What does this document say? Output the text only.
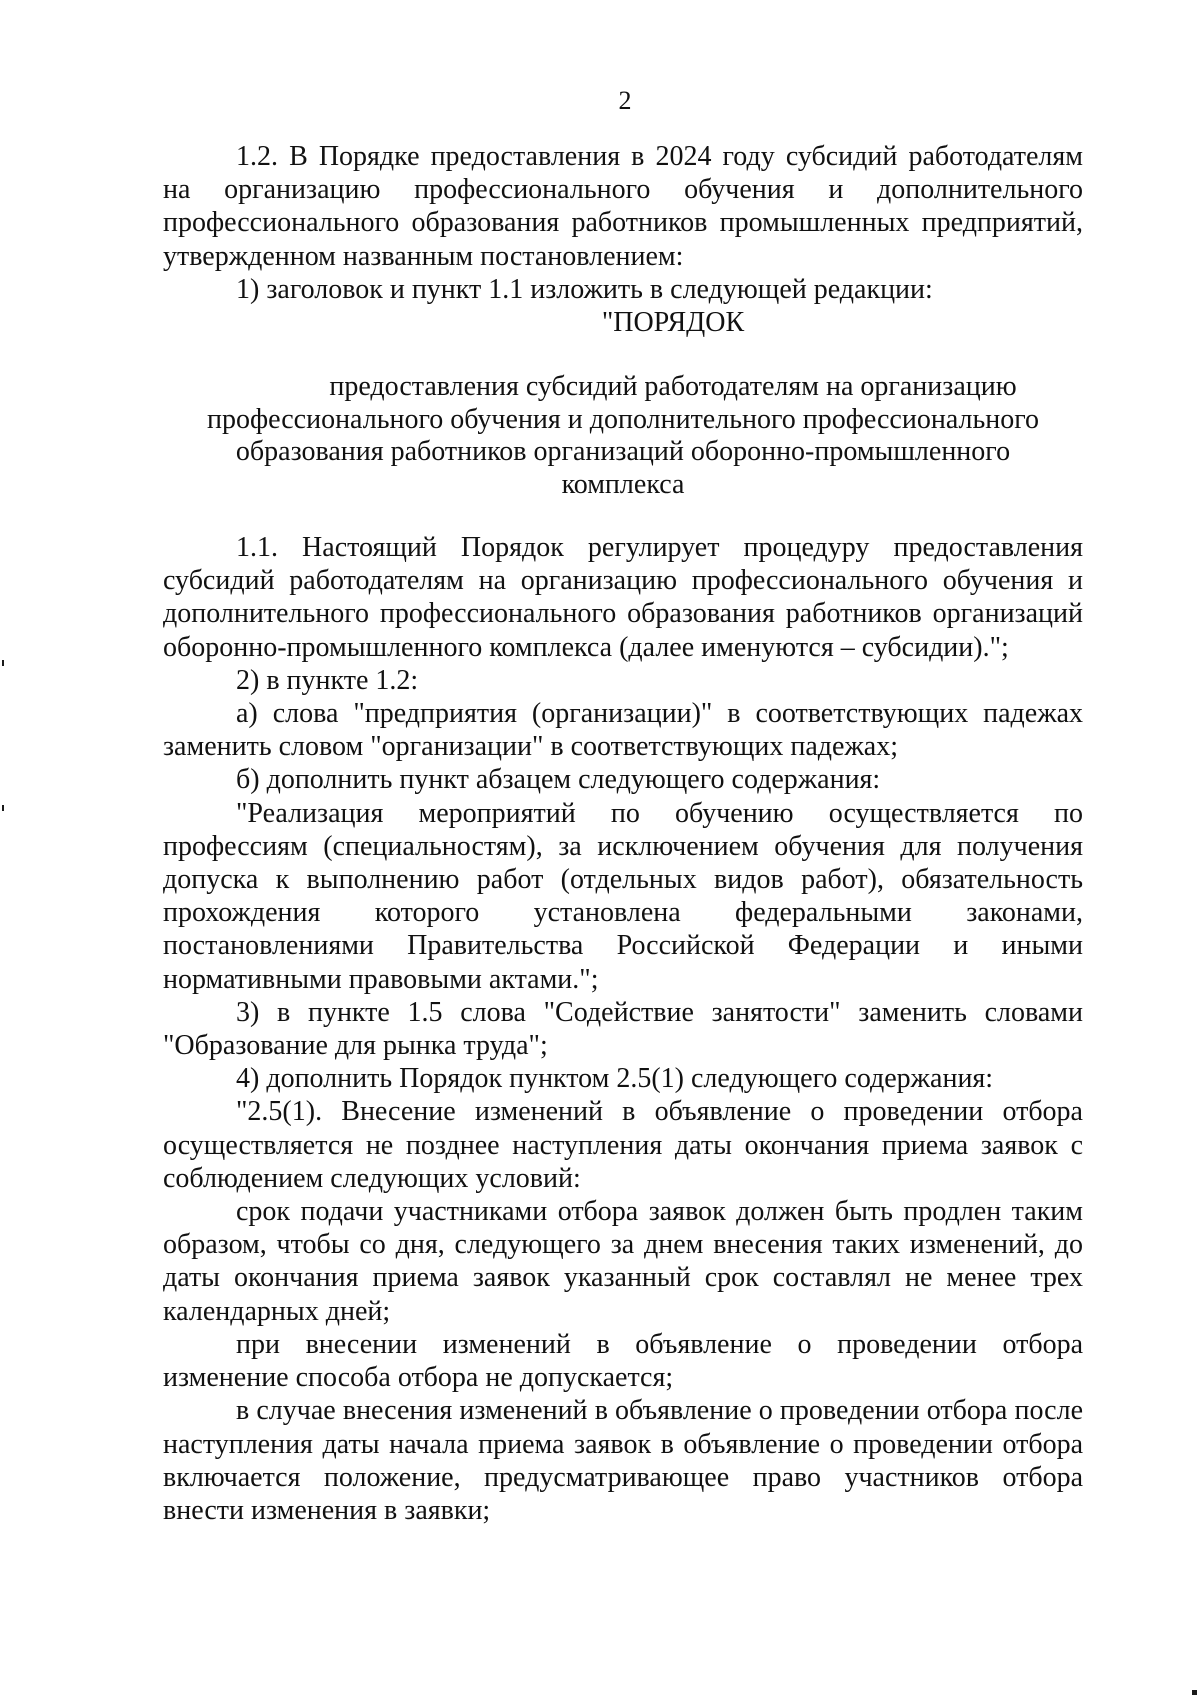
2

1.2. В Порядке предоставления в 2024 году субсидий работодателям на организацию профессионального обучения и дополнительного профессионального образования работников промышленных предприятий, утвержденном названным постановлением:

1) заголовок и пункт 1.1 изложить в следующей редакции:

"ПОРЯДОК

предоставления субсидий работодателям на организацию
профессионального обучения и дополнительного профессионального
образования работников организаций оборонно-промышленного
комплекса

1.1. Настоящий Порядок регулирует процедуру предоставления субсидий работодателям на организацию профессионального обучения и дополнительного профессионального образования работников организаций оборонно-промышленного комплекса (далее именуются – субсидии).";

2) в пункте 1.2:

а) слова "предприятия (организации)" в соответствующих падежах заменить словом "организации" в соответствующих падежах;

б) дополнить пункт абзацем следующего содержания:

"Реализация мероприятий по обучению осуществляется по профессиям (специальностям), за исключением обучения для получения допуска к выполнению работ (отдельных видов работ), обязательность прохождения которого установлена федеральными законами, постановлениями Правительства Российской Федерации и иными нормативными правовыми актами.";

3) в пункте 1.5 слова "Содействие занятости" заменить словами "Образование для рынка труда";

4) дополнить Порядок пунктом 2.5(1) следующего содержания:

"2.5(1). Внесение изменений в объявление о проведении отбора осуществляется не позднее наступления даты окончания приема заявок с соблюдением следующих условий:

срок подачи участниками отбора заявок должен быть продлен таким образом, чтобы со дня, следующего за днем внесения таких изменений, до даты окончания приема заявок указанный срок составлял не менее трех календарных дней;

при внесении изменений в объявление о проведении отбора изменение способа отбора не допускается;

в случае внесения изменений в объявление о проведении отбора после наступления даты начала приема заявок в объявление о проведении отбора включается положение, предусматривающее право участников отбора внести изменения в заявки;
